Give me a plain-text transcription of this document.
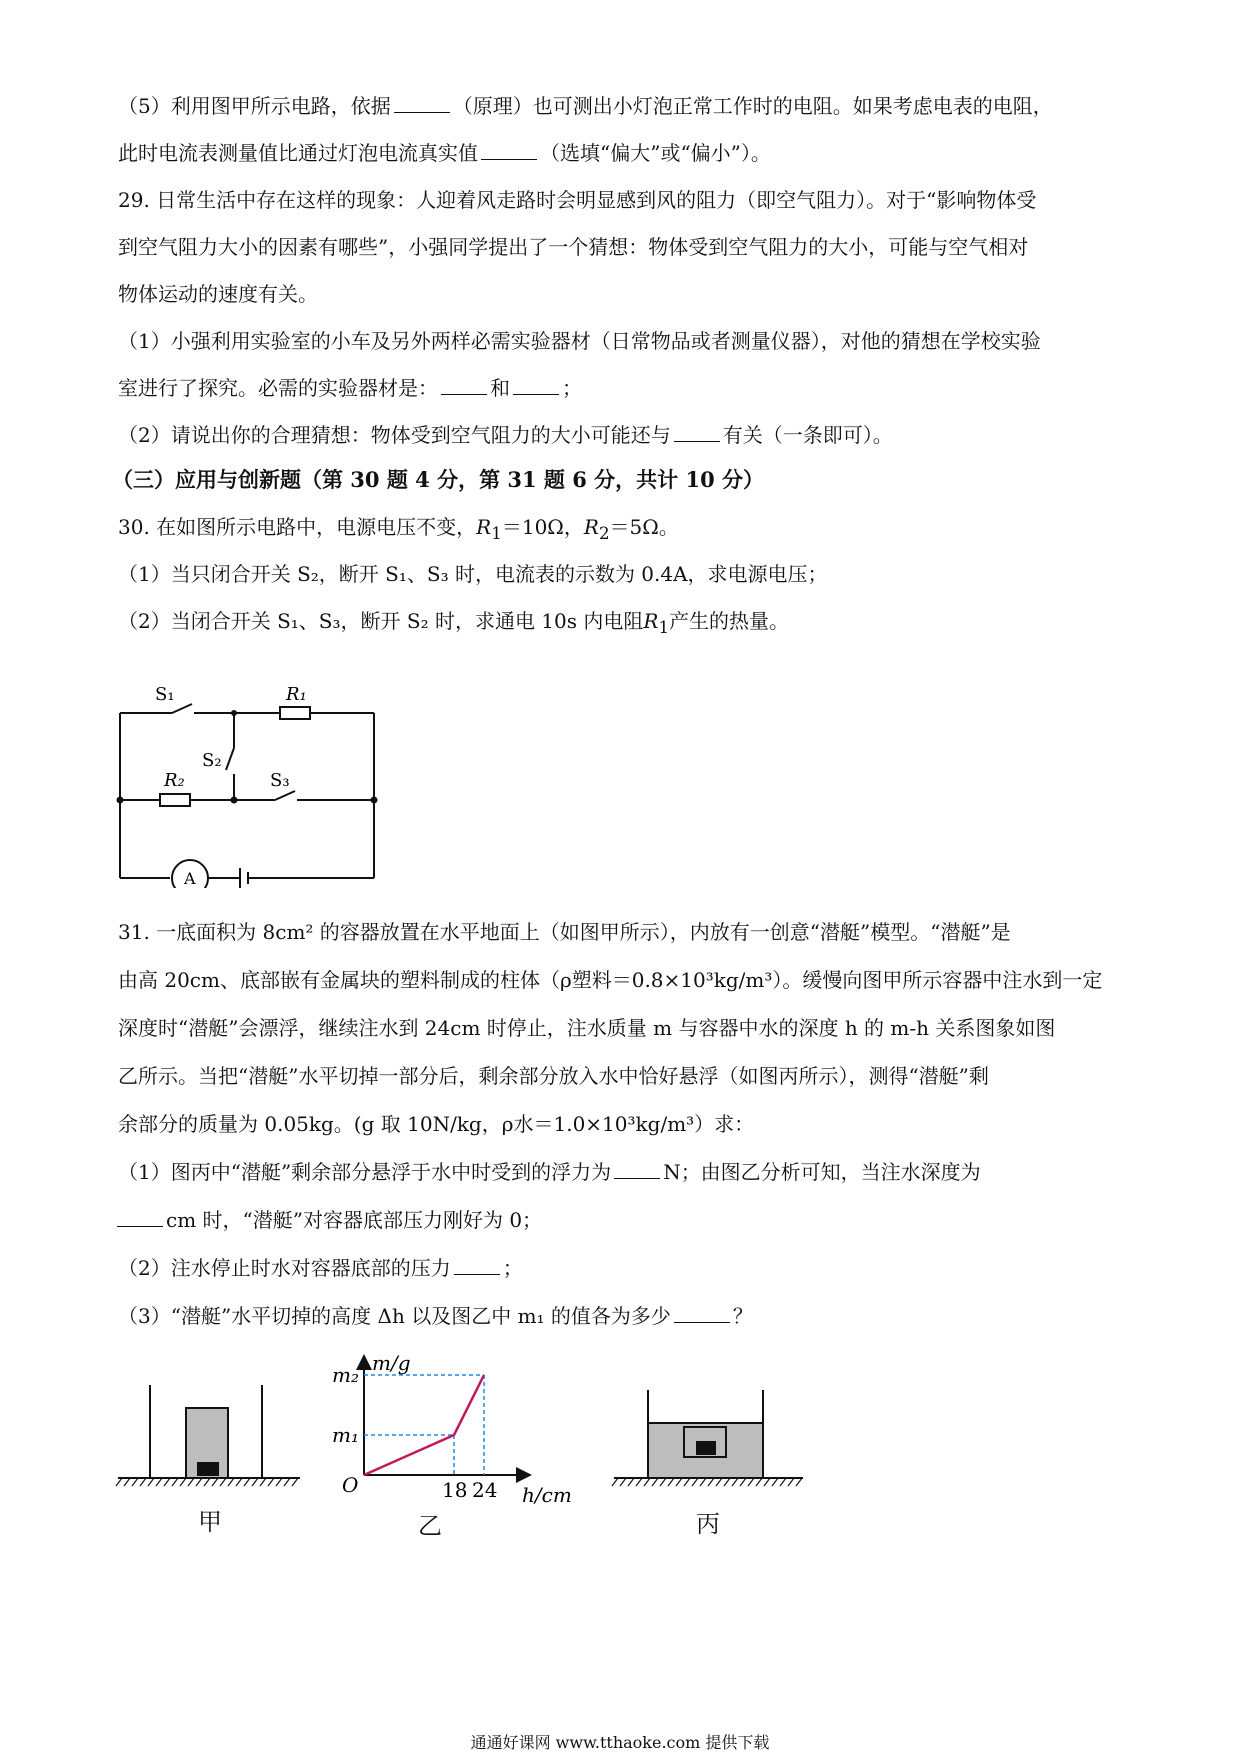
（5）利用图甲所示电路，依据	（原理）也可测出小灯泡正常工作时的电阻。如果考虑电表的电阻，
此时电流表测量值比通过灯泡电流真实值	（选填“偏大”或“偏小”）。
29. 日常生活中存在这样的现象：人迎着风走路时会明显感到风的阻力（即空气阻力）。对于“影响物体受
到空气阻力大小的因素有哪些”，小强同学提出了一个猜想：物体受到空气阻力的大小，可能与空气相对
物体运动的速度有关。
（1）小强利用实验室的小车及另外两样必需实验器材（日常物品或者测量仪器），对他的猜想在学校实验
室进行了探究。必需的实验器材是：	和	；
（2）请说出你的合理猜想：物体受到空气阻力的大小可能还与	有关（一条即可）。
（三）应用与创新题（第 30 题 4 分，第 31 题 6 分，共计 10 分）
30. 在如图所示电路中，电源电压不变，$R_1=10\Omega$，$R_2=5\Omega$。
（1）当只闭合开关 S₂，断开 S₁、S₃ 时，电流表的示数为 0.4A，求电源电压；
（2）当闭合开关 S₁、S₃，断开 S₂ 时，求通电 10s 内电阻$R_1$产生的热量。
S₁	R₁
S₂
R₂	S₃
A
31. 一底面积为 8cm² 的容器放置在水平地面上（如图甲所示），内放有一创意“潜艇”模型。“潜艇”是
由高 20cm、底部嵌有金属块的塑料制成的柱体（ρ塑料＝0.8×10³kg/m³）。缓慢向图甲所示容器中注水到一定
深度时“潜艇”会漂浮，继续注水到 24cm 时停止，注水质量 m 与容器中水的深度 h 的 m-h 关系图象如图
乙所示。当把“潜艇”水平切掉一部分后，剩余部分放入水中恰好悬浮（如图丙所示），测得“潜艇”剩
余部分的质量为 0.05kg。(g 取 10N/kg，ρ水＝1.0×10³kg/m³）求：
（1）图丙中“潜艇”剩余部分悬浮于水中时受到的浮力为	N；由图乙分析可知，当注水深度为
cm 时，“潜艇”对容器底部压力刚好为 0；
（2）注水停止时水对容器底部的压力	；
（3）“潜艇”水平切掉的高度 Δh 以及图乙中 m₁ 的值各为多少	？
甲
18 24
m₁
m₂ m/g
h/cm
O
乙	丙
通通好课网 www.tthaoke.com 提供下载
